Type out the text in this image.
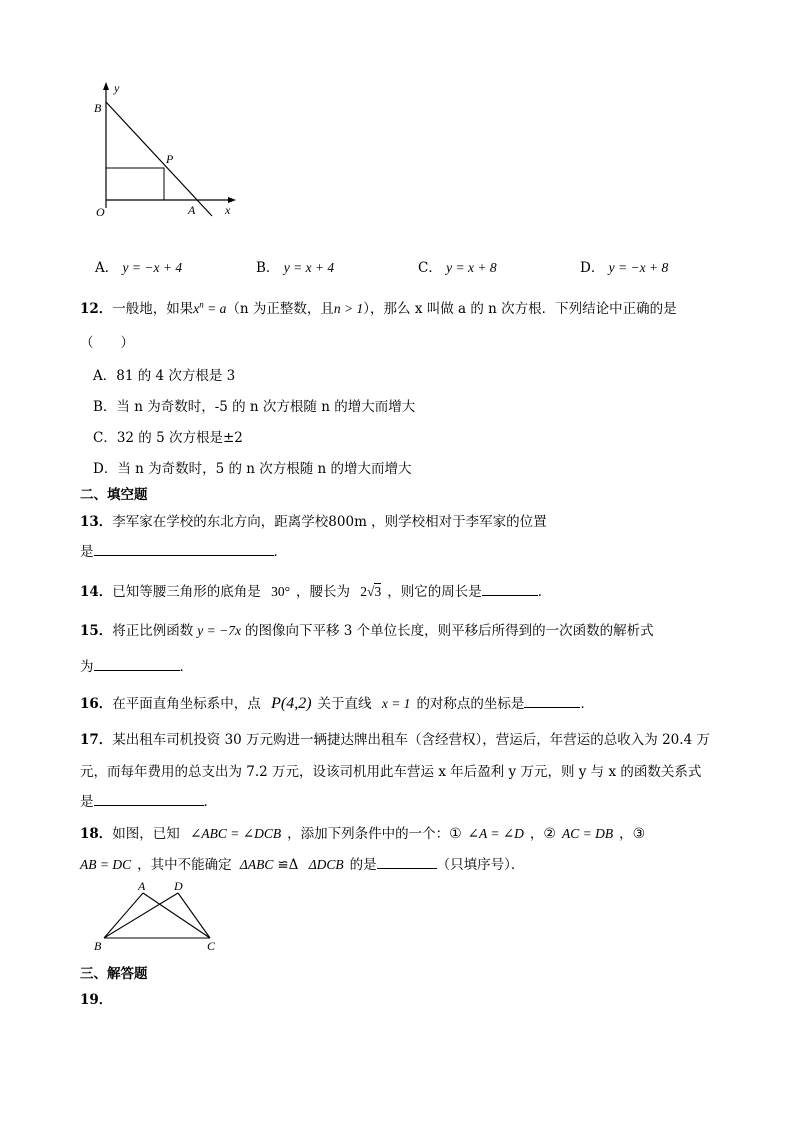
y
B
P
O	A x
A． y = −x + 4	B． y = x + 4	C． y = x + 8	D． y = −x + 8
12．一般地，如果$x^n = a(n$ 为正整数，且n > 1），那么 x 叫做 a 的 n 次方根．下列结论中正确的是
（　　）
A．81 的 4 次方根是 3
B．当 n 为奇数时，-5 的 n 次方根随 n 的增大而增大
C．32 的 5 次方根是±2
D．当 n 为奇数时，5 的 n 次方根随 n 的增大而增大
二、填空题
13．李军家在学校的东北方向，距离学校800m ，则学校相对于李军家的位置
是	．
14．已知等腰三角形的底角是 30° ，腰长为 2√3 ，则它的周长是	．
15．将正比例函数 y = −7x 的图像向下平移 3 个单位长度，则平移后所得到的一次函数的解析式
为	．
16．在平面直角坐标系中，点 P(4,2) 关于直线 x = 1 的对称点的坐标是	．
17．某出租车司机投资 30 万元购进一辆捷达牌出租车（含经营权），营运后，年营运的总收入为 20.4 万
元，而每年费用的总支出为 7.2 万元，设该司机用此车营运 x 年后盈利 y 万元，则 y 与 x 的函数关系式
是	．
18．如图，已知 ∠ABC = ∠DCB ，添加下列条件中的一个：① ∠A = ∠D ，② AC = DB ，③
AB = DC ，其中不能确定 ΔABC ≌Δ ΔDCB 的是	（只填序号）．
A D
B	C
三、解答题
19．
